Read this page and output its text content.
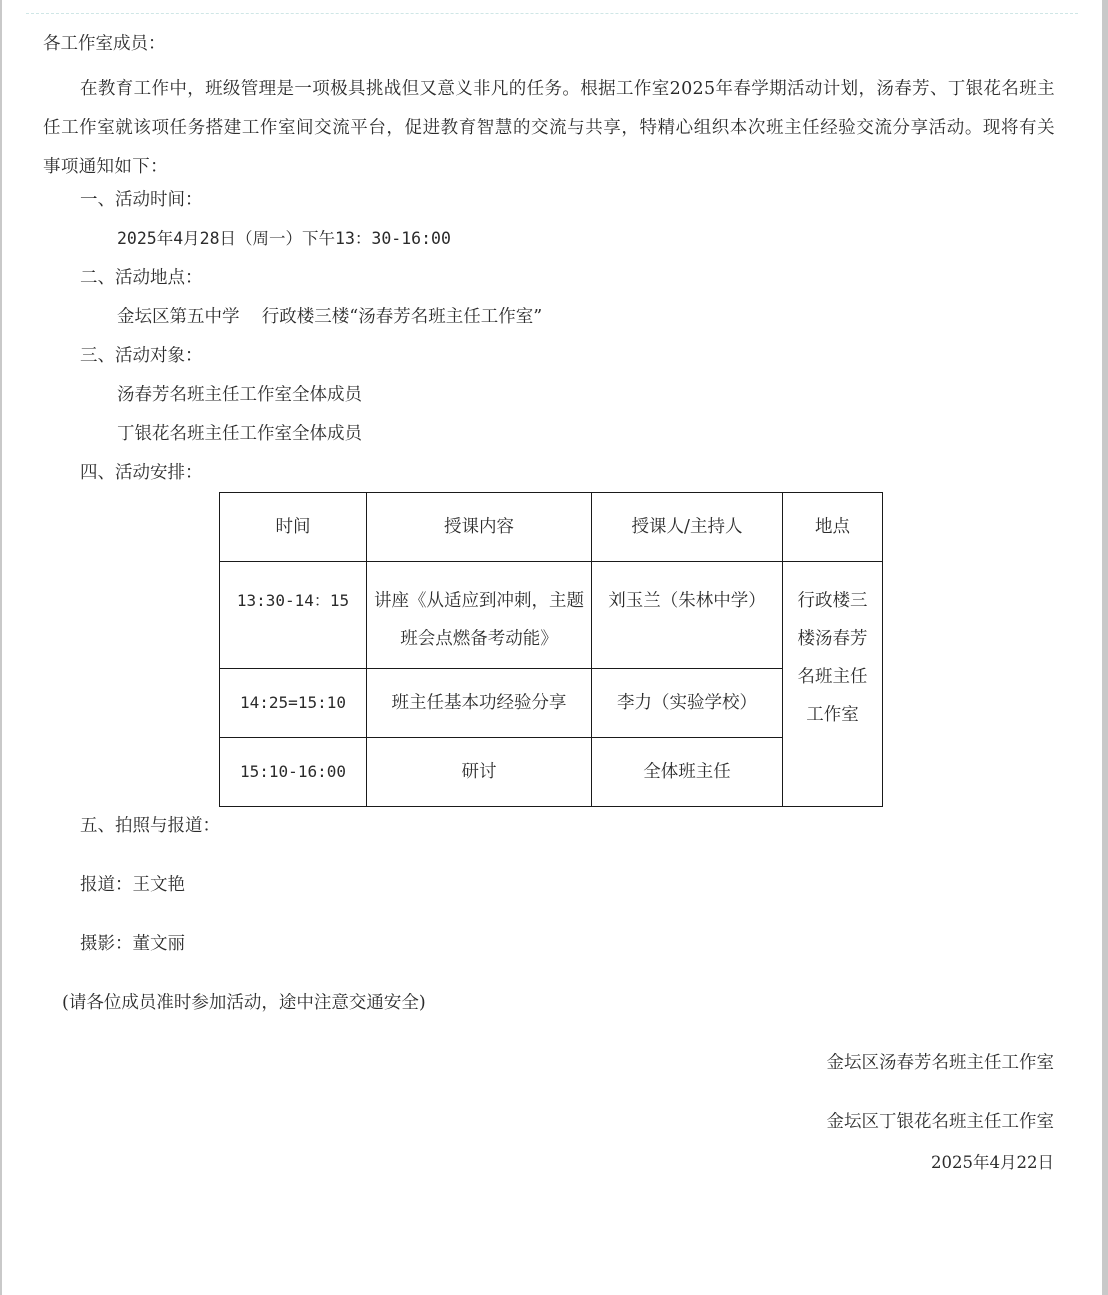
各工作室成员：
在教育工作中，班级管理是一项极具挑战但又意义非凡的任务。根据工作室2025年春学期活动计划，汤春芳、丁银花名班主任工作室就该项任务搭建工作室间交流平台，促进教育智慧的交流与共享，特精心组织本次班主任经验交流分享活动。现将有关事项通知如下：
一、活动时间：
2025年4月28日（周一）下午13：30-16:00
二、活动地点：
金坛区第五中学    行政楼三楼“汤春芳名班主任工作室”
三、活动对象：
汤春芳名班主任工作室全体成员
丁银花名班主任工作室全体成员
四、活动安排：
时间	授课内容	授课人/主持人	地点
13:30-14：15	讲座《从适应到冲刺，主题班会点燃备考动能》	刘玉兰（朱林中学）	行政楼三楼汤春芳名班主任工作室
14:25=15:10	班主任基本功经验分享	李力（实验学校）	
15:10-16:00	研讨	全体班主任	
五、拍照与报道：
报道：王文艳
摄影：董文丽
(请各位成员准时参加活动，途中注意交通安全)
金坛区汤春芳名班主任工作室
金坛区丁银花名班主任工作室
2025年4月22日
